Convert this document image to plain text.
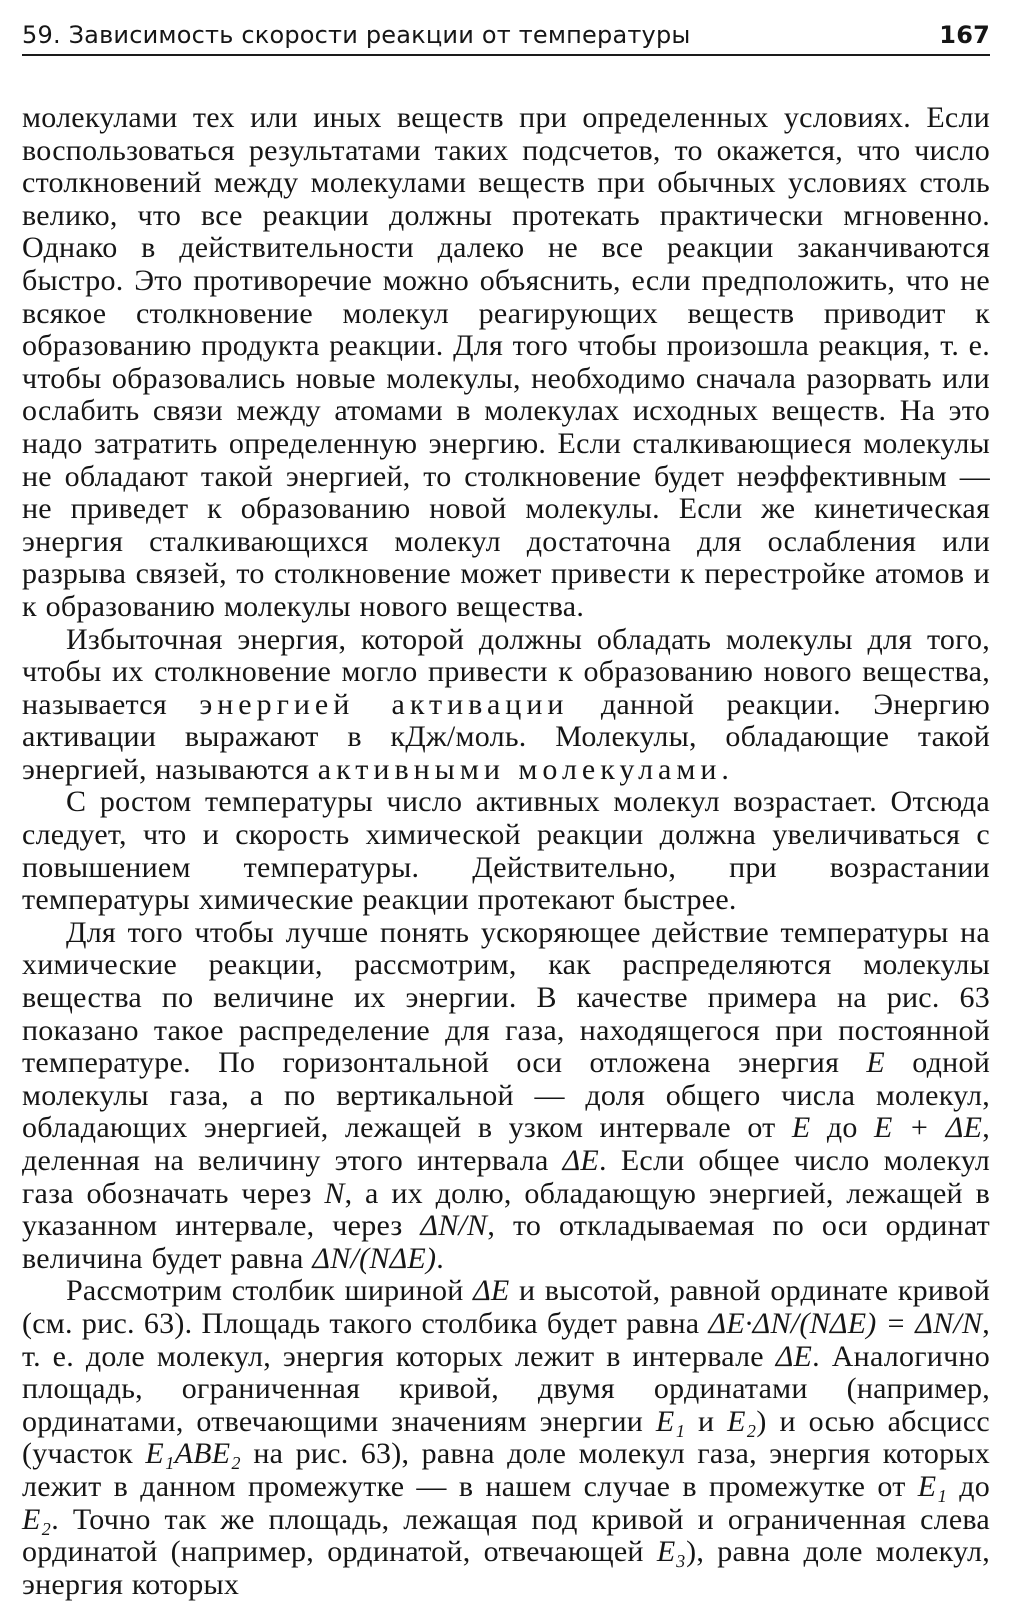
59. Зависимость скорости реакции от температуры	167

молекулами тех или иных веществ при определенных условиях. Если воспользоваться результатами таких подсчетов, то окажется, что число столкновений между молекулами веществ при обычных условиях столь велико, что все реакции должны протекать практически мгновенно. Однако в действительности далеко не все реакции заканчиваются быстро. Это противоречие можно объяснить, если предположить, что не всякое столкновение молекул реагирующих веществ приводит к образованию продукта реакции. Для того чтобы произошла реакция, т. е. чтобы образовались новые молекулы, необходимо сначала разорвать или ослабить связи между атомами в молекулах исходных веществ. На это надо затратить определенную энергию. Если сталкивающиеся молекулы не обладают такой энергией, то столкновение будет неэффективным — не приведет к образованию новой молекулы. Если же кинетическая энергия сталкивающихся молекул достаточна для ослабления или разрыва связей, то столкновение может привести к перестройке атомов и к образованию молекулы нового вещества.

Избыточная энергия, которой должны обладать молекулы для того, чтобы их столкновение могло привести к образованию нового вещества, называется энергией активации данной реакции. Энергию активации выражают в кДж/моль. Молекулы, обладающие такой энергией, называются активными молекулами.

С ростом температуры число активных молекул возрастает. Отсюда следует, что и скорость химической реакции должна увеличиваться с повышением температуры. Действительно, при возрастании температуры химические реакции протекают быстрее.

Для того чтобы лучше понять ускоряющее действие температуры на химические реакции, рассмотрим, как распределяются молекулы вещества по величине их энергии. В качестве примера на рис. 63 показано такое распределение для газа, находящегося при постоянной температуре. По горизонтальной оси отложена энергия E одной молекулы газа, а по вертикальной — доля общего числа молекул, обладающих энергией, лежащей в узком интервале от E до E + ΔE, деленная на величину этого интервала ΔE. Если общее число молекул газа обозначать через N, а их долю, обладающую энергией, лежащей в указанном интервале, через ΔN/N, то откладываемая по оси ординат величина будет равна ΔN/(NΔE).

Рассмотрим столбик шириной ΔE и высотой, равной ординате кривой (см. рис. 63). Площадь такого столбика будет равна ΔE·ΔN/(NΔE) = ΔN/N, т. е. доле молекул, энергия которых лежит в интервале ΔE. Аналогично площадь, ограниченная кривой, двумя ординатами (например, ординатами, отвечающими значениям энергии E₁ и E₂) и осью абсцисс (участок E₁ABE₂ на рис. 63), равна доле молекул газа, энергия которых лежит в данном промежутке — в нашем случае в промежутке от E₁ до E₂. Точно так же площадь, лежащая под кривой и ограниченная слева ординатой (например, ординатой, отвечающей E₃), равна доле молекул, энергия которых
